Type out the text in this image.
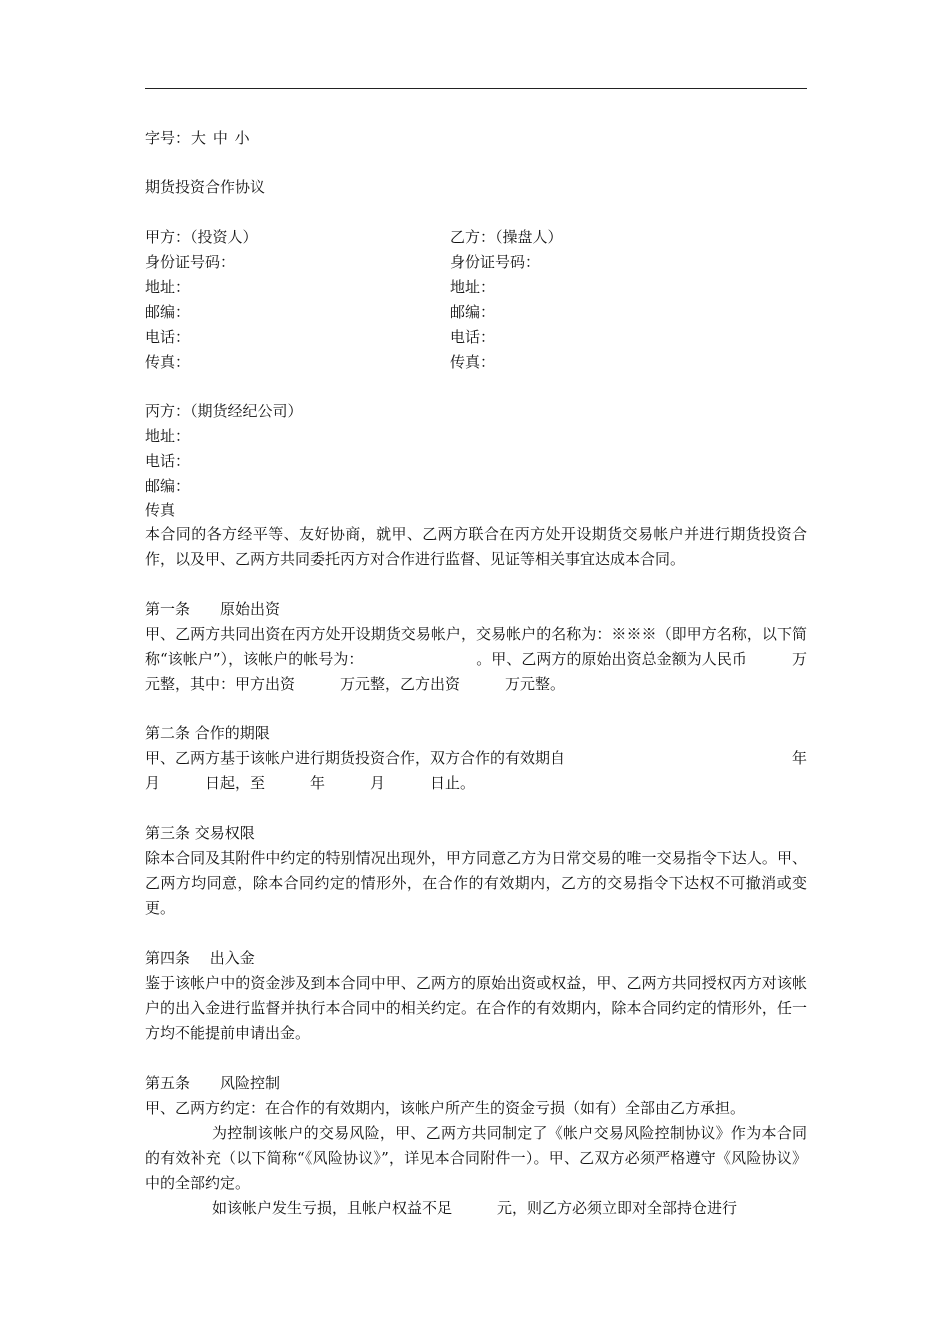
字号：大 中 小
期货投资合作协议
甲方：（投资人）
身份证号码：
地址：
邮编：
电话：
传真：
乙方：（操盘人）
身份证号码：
地址：
邮编：
电话：
传真：
丙方：（期货经纪公司）
地址：
电话：
邮编：
传真
本合同的各方经平等、友好协商，就甲、乙两方联合在丙方处开设期货交易帐户并进行期货投资合作，以及甲、乙两方共同委托丙方对合作进行监督、见证等相关事宜达成本合同。
第一条　　原始出资
甲、乙两方共同出资在丙方处开设期货交易帐户，交易帐户的名称为：※※※（即甲方名称，以下简称“该帐户”），该帐户的帐号为：　　　　　　　　。甲、乙两方的原始出资总金额为人民币　　　万元整，其中：甲方出资　　　万元整，乙方出资　　　万元整。
第二条 合作的期限
甲、乙两方基于该帐户进行期货投资合作，双方合作的有效期自	年
月　　　日起，至　　　年　　　月　　　日止。
第三条 交易权限
除本合同及其附件中约定的特别情况出现外，甲方同意乙方为日常交易的唯一交易指令下达人。甲、乙两方均同意，除本合同约定的情形外，在合作的有效期内，乙方的交易指令下达权不可撤消或变更。
第四条　 出入金
鉴于该帐户中的资金涉及到本合同中甲、乙两方的原始出资或权益，甲、乙两方共同授权丙方对该帐户的出入金进行监督并执行本合同中的相关约定。在合作的有效期内，除本合同约定的情形外，任一方均不能提前申请出金。
第五条　　风险控制

甲、乙两方约定：在合作的有效期内，该帐户所产生的资金亏损（如有）全部由乙方承担。

为控制该帐户的交易风险，甲、乙两方共同制定了《帐户交易风险控制协议》作为本合同的有效补充（以下简称“《风险协议》”，详见本合同附件一）。甲、乙双方必须严格遵守《风险协议》中的全部约定。

如该帐户发生亏损，且帐户权益不足　　　元，则乙方必须立即对全部持仓进行
